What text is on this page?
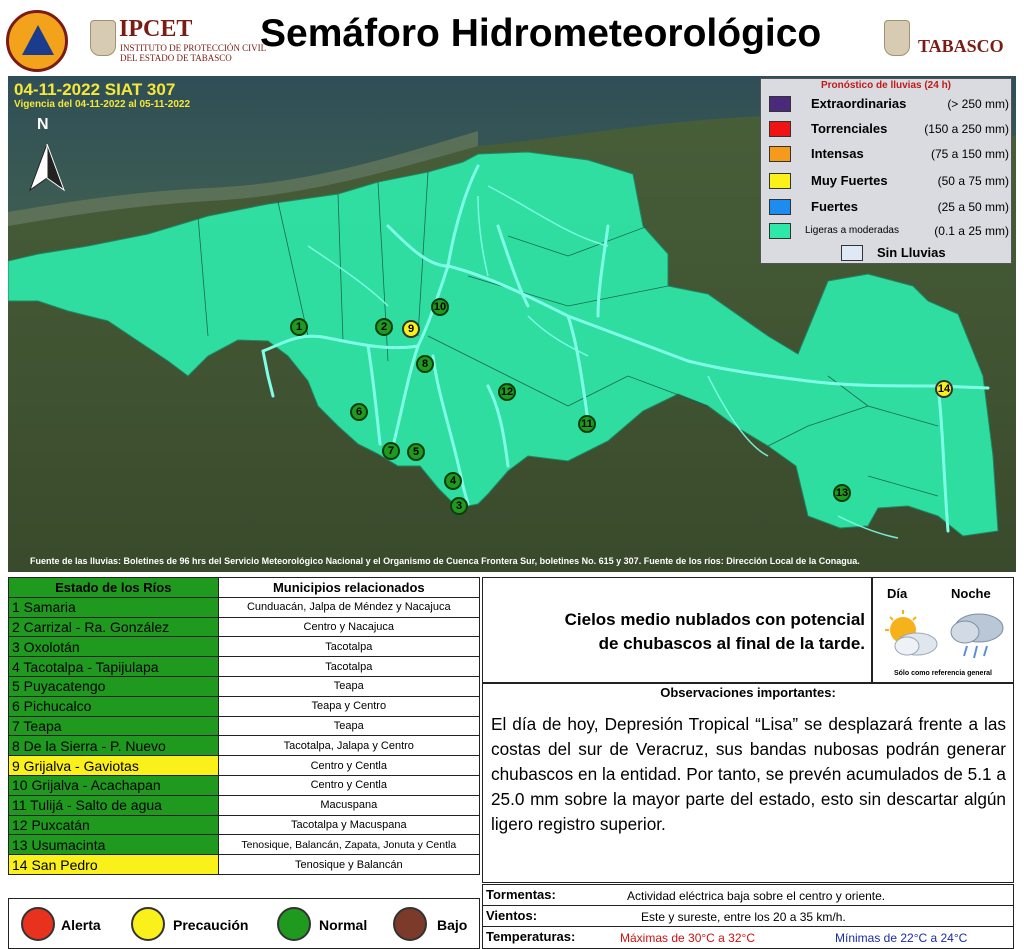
IPCET
INSTITUTO DE PROTECCIÓN CIVIL
DEL ESTADO DE TABASCO
Semáforo Hidrometeorológico	TABASCO
04-11-2022 SIAT 307
Vigencia del 04-11-2022 al 05-11-2022
N
1	2	9
10
8
12
6
11
7	5
4
3
13
14
Fuente de las lluvias: Boletines de 96 hrs del Servicio Meteorológico Nacional y el Organismo de Cuenca Frontera Sur, boletines No. 615 y 307. Fuente de los ríos: Dirección Local de la Conagua.
Pronóstico de lluvias (24 h)
Extraordinarias	(> 250 mm)
Torrenciales	(150 a 250 mm)
Intensas	(75 a 150 mm)
Muy Fuertes	(50 a 75 mm)
Fuertes	(25 a 50 mm)
Ligeras a moderadas	(0.1 a 25 mm)
Sin Lluvias
Estado de los Ríos	Municipios relacionados
1 Samaria	Cunduacán, Jalpa de Méndez y Nacajuca
2 Carrizal - Ra. González	Centro y Nacajuca
3 Oxolotán	Tacotalpa
4 Tacotalpa - Tapijulapa	Tacotalpa
5 Puyacatengo	Teapa
6 Pichucalco	Teapa y Centro
7 Teapa	Teapa
8 De la Sierra - P. Nuevo	Tacotalpa, Jalapa y Centro
9 Grijalva - Gaviotas	Centro y Centla
10 Grijalva - Acachapan	Centro y Centla
11 Tulijá - Salto de agua	Macuspana
12 Puxcatán	Tacotalpa y Macuspana
13 Usumacinta	Tenosique, Balancán, Zapata, Jonuta y Centla
14 San Pedro	Tenosique y Balancán
Alerta	Precaución	Normal	Bajo
Cielos medio nublados con potencial
de chubascos al final de la tarde.
Día	Noche
Sólo como referencia general
Observaciones importantes:
El día de hoy, Depresión Tropical “Lisa” se desplazará frente a las costas del sur de Veracruz, sus bandas nubosas podrán generar chubascos en la entidad. Por tanto, se prevén acumulados de 5.1 a 25.0 mm sobre la mayor parte del estado, esto sin descartar algún ligero registro superior.
Tormentas:	Actividad eléctrica baja sobre el centro y oriente.
Vientos:	Este y sureste, entre los 20 a 35 km/h.
Temperaturas:	Máximas de 30°C a 32°C	Mínimas de 22°C a 24°C
